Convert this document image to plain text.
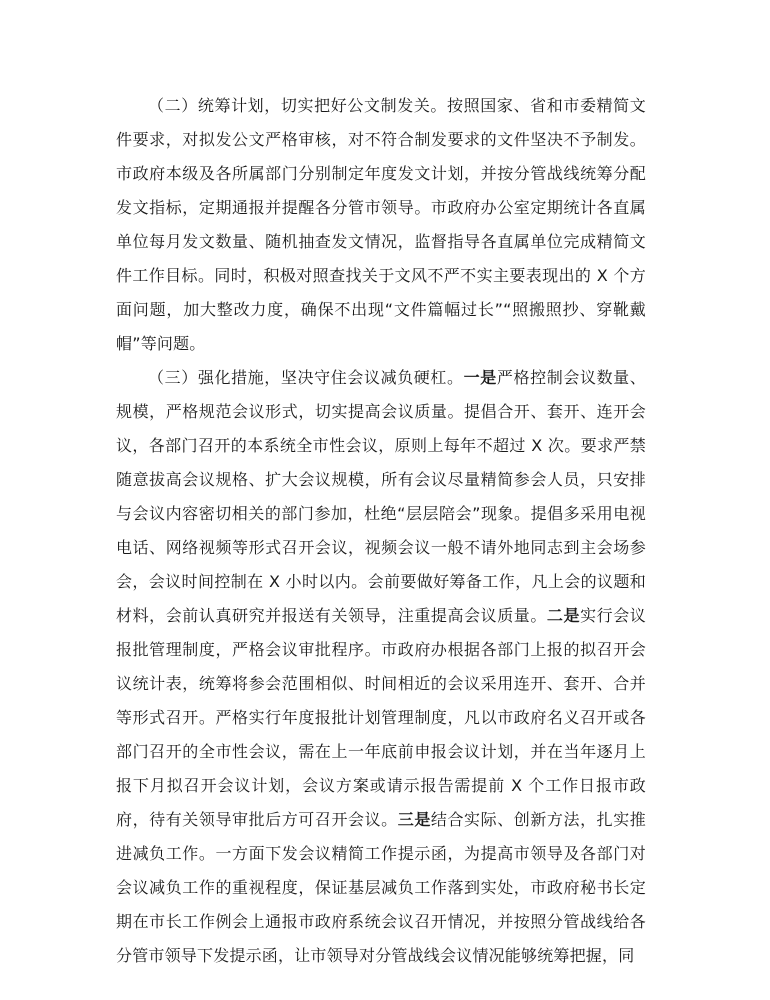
（二）统筹计划，切实把好公文制发关。按照国家、省和市委精简文件要求，对拟发公文严格审核，对不符合制发要求的文件坚决不予制发。市政府本级及各所属部门分别制定年度发文计划，并按分管战线统筹分配发文指标，定期通报并提醒各分管市领导。市政府办公室定期统计各直属单位每月发文数量、随机抽查发文情况，监督指导各直属单位完成精简文件工作目标。同时，积极对照查找关于文风不严不实主要表现出的 X 个方面问题，加大整改力度，确保不出现“文件篇幅过长”“照搬照抄、穿靴戴帽”等问题。

（三）强化措施，坚决守住会议减负硬杠。一是严格控制会议数量、规模，严格规范会议形式，切实提高会议质量。提倡合开、套开、连开会议，各部门召开的本系统全市性会议，原则上每年不超过 X 次。要求严禁随意拔高会议规格、扩大会议规模，所有会议尽量精简参会人员，只安排与会议内容密切相关的部门参加，杜绝“层层陪会”现象。提倡多采用电视电话、网络视频等形式召开会议，视频会议一般不请外地同志到主会场参会，会议时间控制在 X 小时以内。会前要做好筹备工作，凡上会的议题和材料，会前认真研究并报送有关领导，注重提高会议质量。二是实行会议报批管理制度，严格会议审批程序。市政府办根据各部门上报的拟召开会议统计表，统筹将参会范围相似、时间相近的会议采用连开、套开、合并等形式召开。严格实行年度报批计划管理制度，凡以市政府名义召开或各部门召开的全市性会议，需在上一年底前申报会议计划，并在当年逐月上报下月拟召开会议计划，会议方案或请示报告需提前 X 个工作日报市政府，待有关领导审批后方可召开会议。三是结合实际、创新方法，扎实推进减负工作。一方面下发会议精简工作提示函，为提高市领导及各部门对会议减负工作的重视程度，保证基层减负工作落到实处，市政府秘书长定期在市长工作例会上通报市政府系统会议召开情况，并按照分管战线给各分管市领导下发提示函，让市领导对分管战线会议情况能够统筹把握，同
